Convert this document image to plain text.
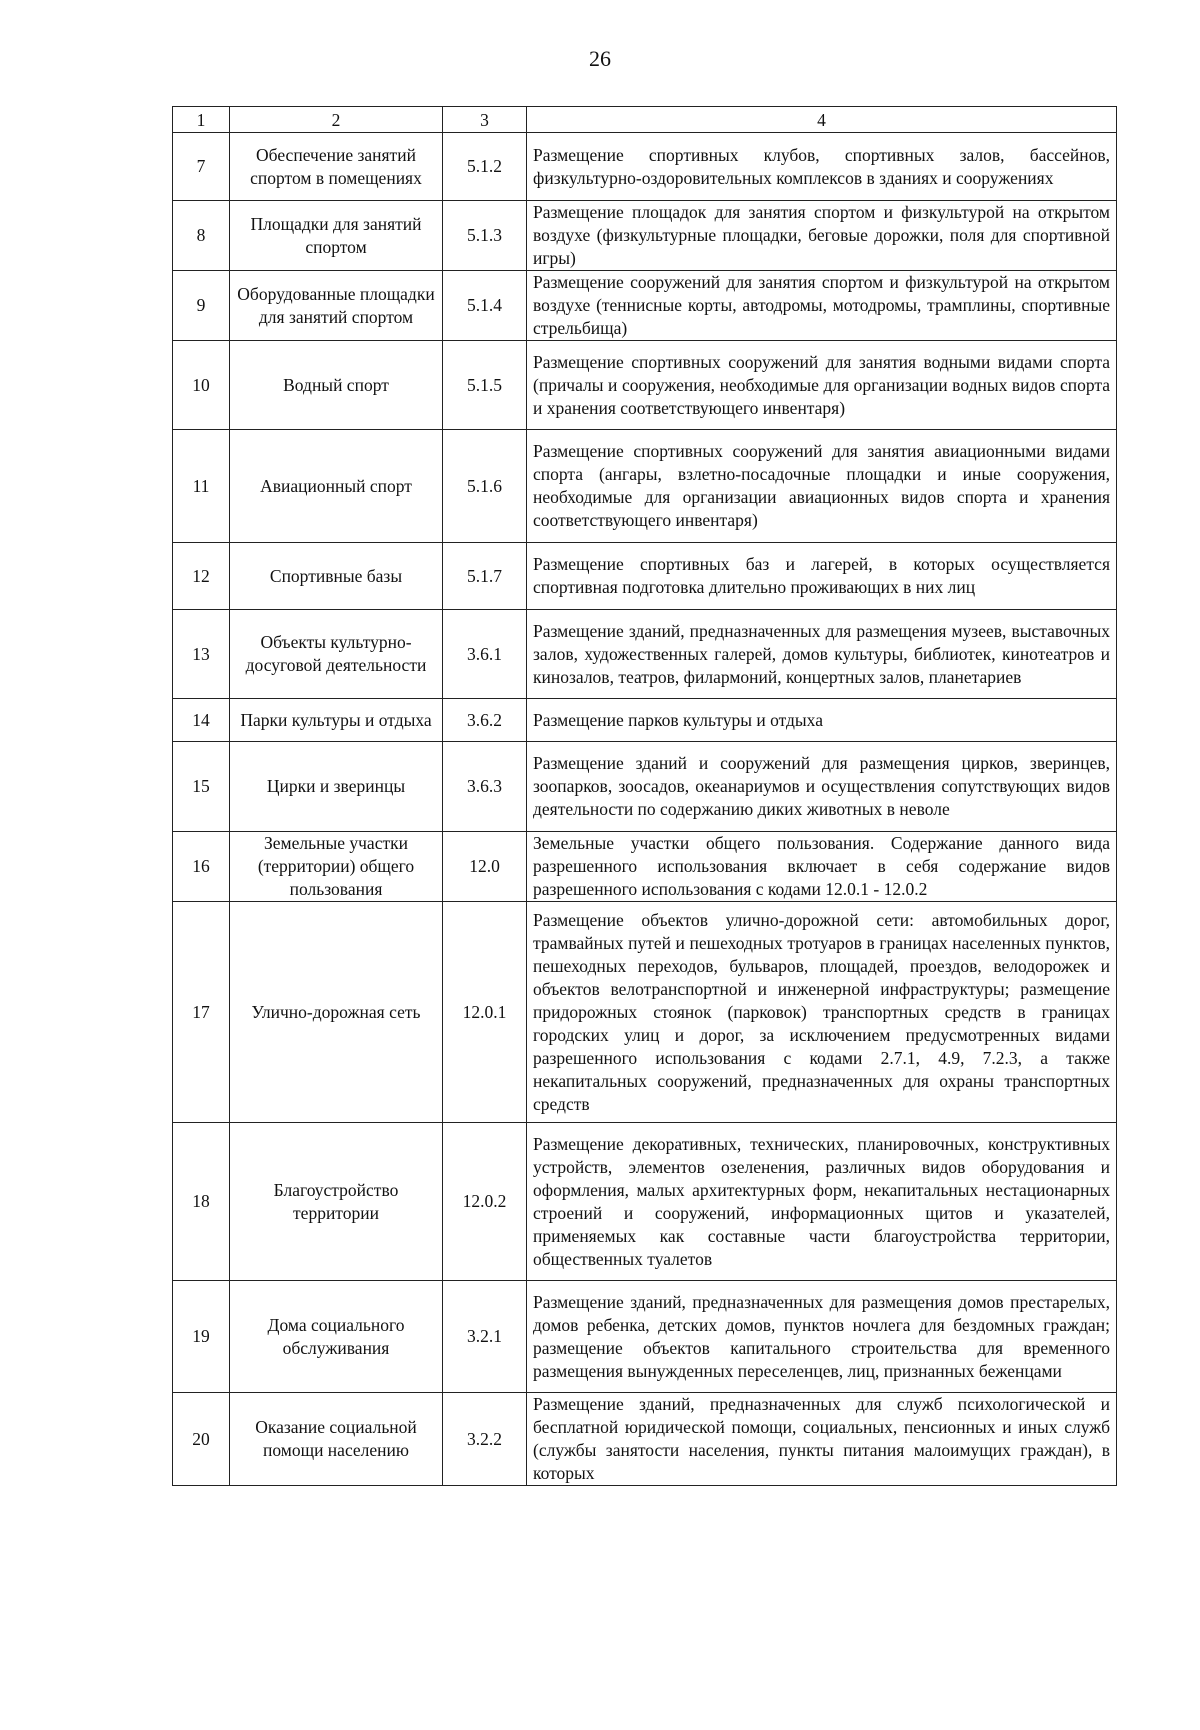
26
1	2	3	4
7	Обеспечение занятий спортом в помещениях	5.1.2	Размещение спортивных клубов, спортивных залов, бассейнов, физкультурно-оздоровительных комплексов в зданиях и сооружениях
8	Площадки для занятий спортом	5.1.3	Размещение площадок для занятия спортом и физкультурой на открытом воздухе (физкультурные площадки, беговые дорожки, поля для спортивной игры)
9	Оборудованные площадки для занятий спортом	5.1.4	Размещение сооружений для занятия спортом и физкультурой на открытом воздухе (теннисные корты, автодромы, мотодромы, трамплины, спортивные стрельбища)
10	Водный спорт	5.1.5	Размещение спортивных сооружений для занятия водными видами спорта (причалы и сооружения, необходимые для организации водных видов спорта и хранения соответствующего инвентаря)
11	Авиационный спорт	5.1.6	Размещение спортивных сооружений для занятия авиационными видами спорта (ангары, взлетно-посадочные площадки и иные сооружения, необходимые для организации авиационных видов спорта и хранения соответствующего инвентаря)
12	Спортивные базы	5.1.7	Размещение спортивных баз и лагерей, в которых осуществляется спортивная подготовка длительно проживающих в них лиц
13	Объекты культурно-досуговой деятельности	3.6.1	Размещение зданий, предназначенных для размещения музеев, выставочных залов, художественных галерей, домов культуры, библиотек, кинотеатров и кинозалов, театров, филармоний, концертных залов, планетариев
14	Парки культуры и отдыха	3.6.2	Размещение парков культуры и отдыха
15	Цирки и зверинцы	3.6.3	Размещение зданий и сооружений для размещения цирков, зверинцев, зоопарков, зоосадов, океанариумов и осуществления сопутствующих видов деятельности по содержанию диких животных в неволе
16	Земельные участки (территории) общего пользования	12.0	Земельные участки общего пользования. Содержание данного вида разрешенного использования включает в себя содержание видов разрешенного использования с кодами 12.0.1 - 12.0.2
17	Улично-дорожная сеть	12.0.1	Размещение объектов улично-дорожной сети: автомобильных дорог, трамвайных путей и пешеходных тротуаров в границах населенных пунктов, пешеходных переходов, бульваров, площадей, проездов, велодорожек и объектов велотранспортной и инженерной инфраструктуры; размещение придорожных стоянок (парковок) транспортных средств в границах городских улиц и дорог, за исключением предусмотренных видами разрешенного использования с кодами 2.7.1, 4.9, 7.2.3, а также некапитальных сооружений, предназначенных для охраны транспортных средств
18	Благоустройство территории	12.0.2	Размещение декоративных, технических, планировочных, конструктивных устройств, элементов озеленения, различных видов оборудования и оформления, малых архитектурных форм, некапитальных нестационарных строений и сооружений, информационных щитов и указателей, применяемых как составные части благоустройства территории, общественных туалетов
19	Дома социального обслуживания	3.2.1	Размещение зданий, предназначенных для размещения домов престарелых, домов ребенка, детских домов, пунктов ночлега для бездомных граждан; размещение объектов капитального строительства для временного размещения вынужденных переселенцев, лиц, признанных беженцами
20	Оказание социальной помощи населению	3.2.2	Размещение зданий, предназначенных для служб психологической и бесплатной юридической помощи, социальных, пенсионных и иных служб (службы занятости населения, пункты питания малоимущих граждан), в которых
